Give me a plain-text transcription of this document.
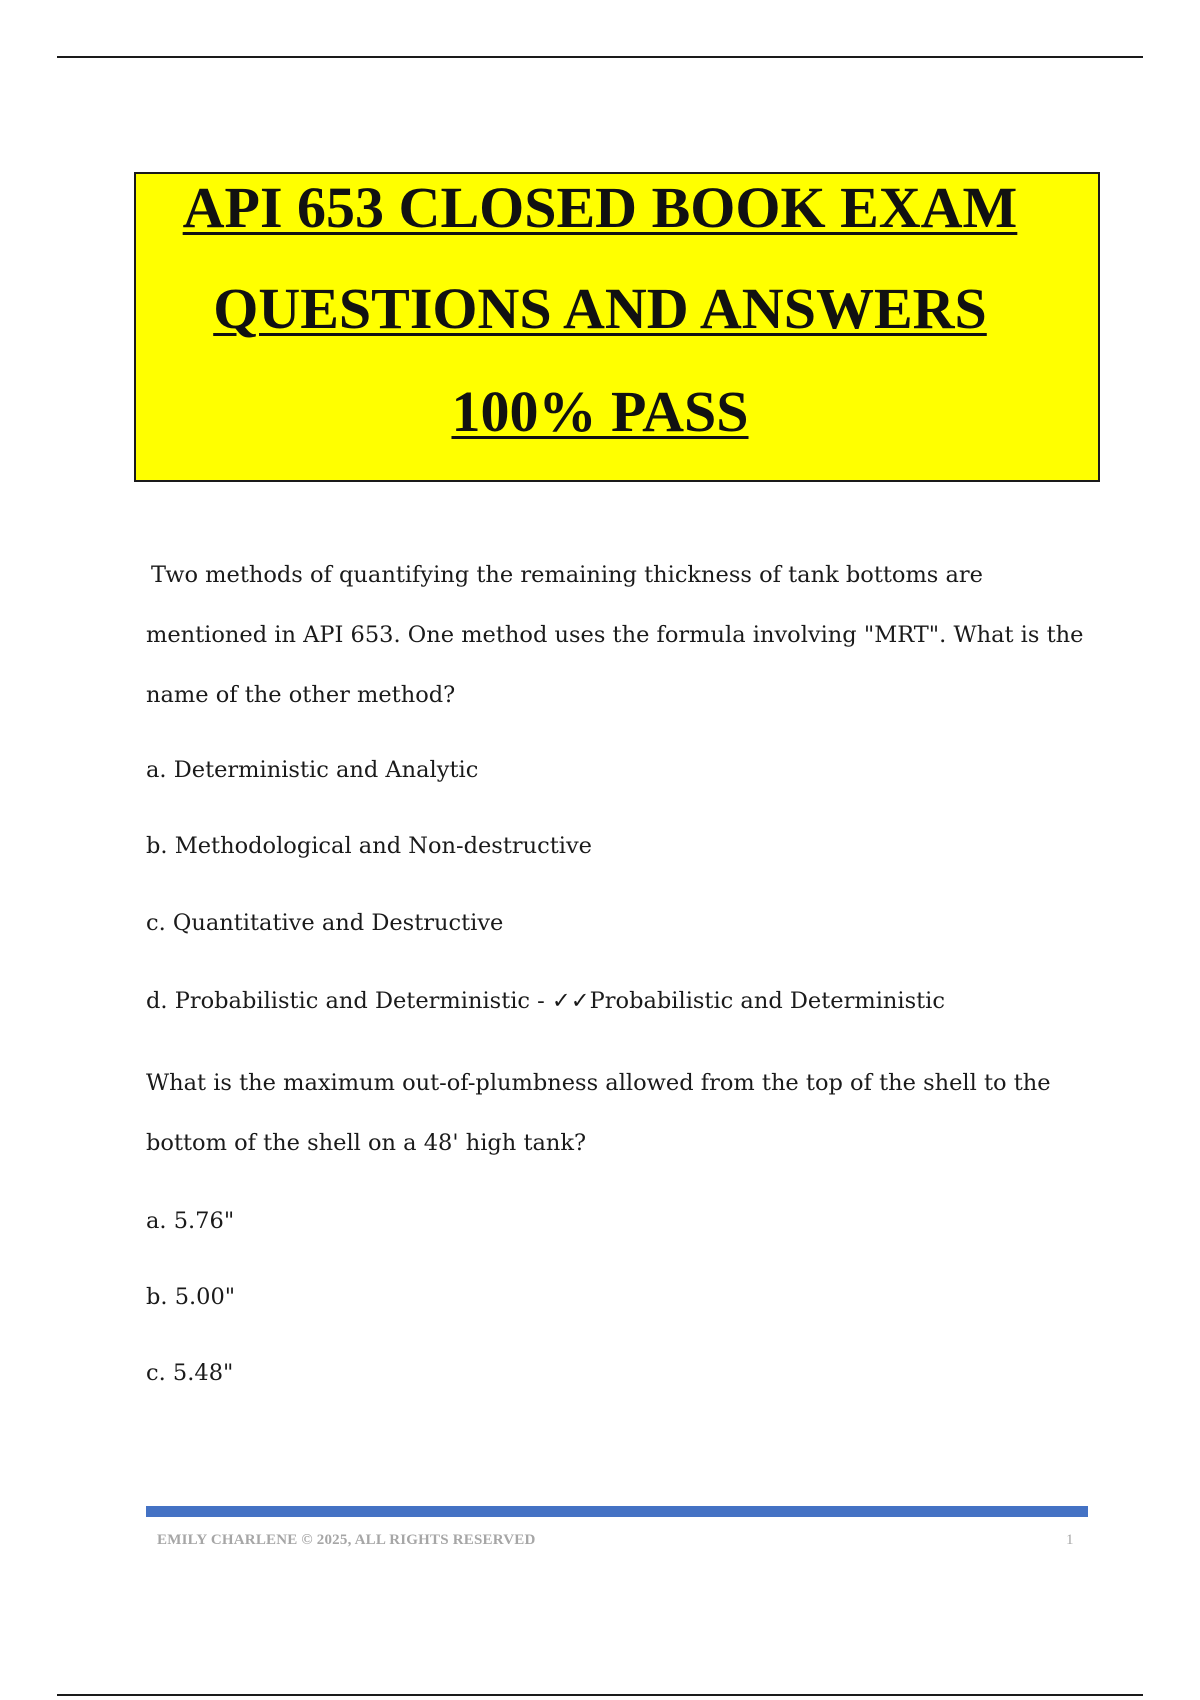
API 653 CLOSED BOOK EXAM
QUESTIONS AND ANSWERS
100% PASS
Two methods of quantifying the remaining thickness of tank bottoms are mentioned in API 653. One method uses the formula involving "MRT". What is the name of the other method?
a. Deterministic and Analytic
b. Methodological and Non-destructive
c. Quantitative and Destructive
d. Probabilistic and Deterministic - ✓✓Probabilistic and Deterministic
What is the maximum out-of-plumbness allowed from the top of the shell to the bottom of the shell on a 48' high tank?
a. 5.76"
b. 5.00"
c. 5.48"
EMILY CHARLENE © 2025, ALL RIGHTS RESERVED	1
